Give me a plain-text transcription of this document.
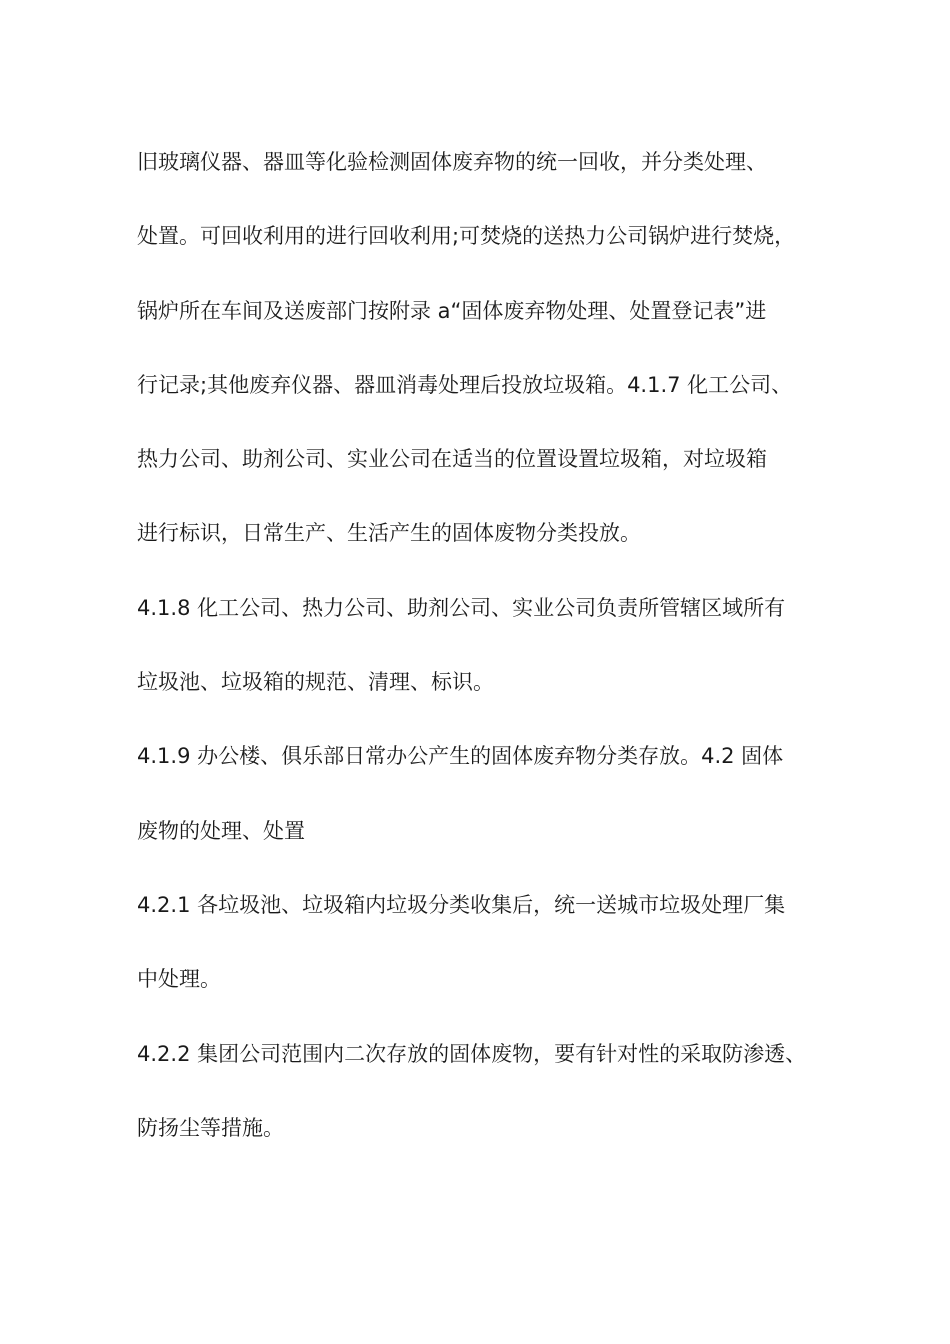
旧玻璃仪器、器皿等化验检测固体废弃物的统一回收，并分类处理、
处置。可回收利用的进行回收利用;可焚烧的送热力公司锅炉进行焚烧，
锅炉所在车间及送废部门按附录 a“固体废弃物处理、处置登记表”进
行记录;其他废弃仪器、器皿消毒处理后投放垃圾箱。4.1.7 化工公司、
热力公司、助剂公司、实业公司在适当的位置设置垃圾箱，对垃圾箱
进行标识，日常生产、生活产生的固体废物分类投放。
4.1.8 化工公司、热力公司、助剂公司、实业公司负责所管辖区域所有
垃圾池、垃圾箱的规范、清理、标识。
4.1.9 办公楼、俱乐部日常办公产生的固体废弃物分类存放。4.2 固体
废物的处理、处置
4.2.1 各垃圾池、垃圾箱内垃圾分类收集后，统一送城市垃圾处理厂集
中处理。
4.2.2 集团公司范围内二次存放的固体废物，要有针对性的采取防渗透、
防扬尘等措施。
